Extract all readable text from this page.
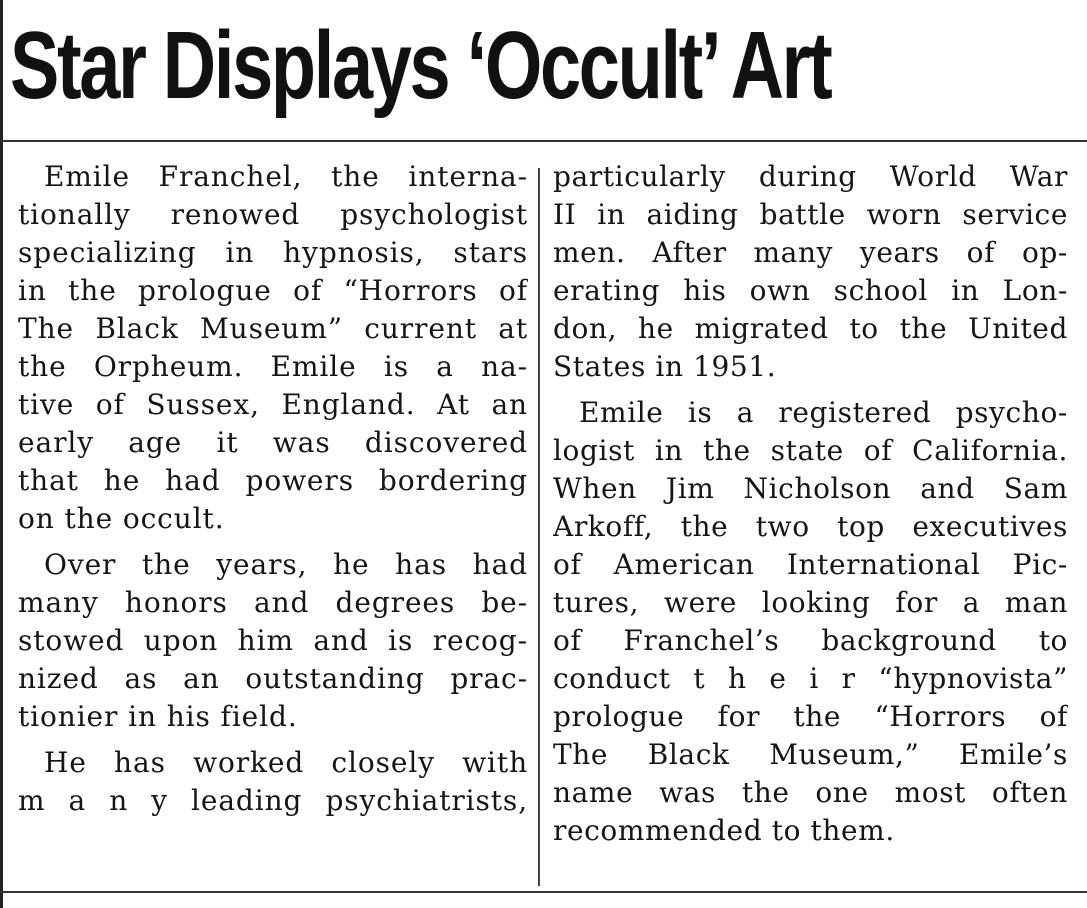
Star Displays ‘Occult’ Art
Emile Franchel, the interna-
tionally renowed psychologist
specializing in hypnosis, stars
in the prologue of “Horrors of
The Black Museum” current at
the Orpheum. Emile is a na-
tive of Sussex, England. At an
early age it was discovered
that he had powers bordering
on the occult.
Over the years, he has had
many honors and degrees be-
stowed upon him and is recog-
nized as an outstanding prac-
tionier in his field.
He has worked closely with
m a n y leading psychiatrists,
particularly during World War
II in aiding battle worn service
men. After many years of op-
erating his own school in Lon-
don, he migrated to the United
States in 1951.
Emile is a registered psycho-
logist in the state of California.
When Jim Nicholson and Sam
Arkoff, the two top executives
of American International Pic-
tures, were looking for a man
of Franchel’s background to
conduct t h e i r “hypnovista”
prologue for the “Horrors of
The Black Museum,” Emile’s
name was the one most often
recommended to them.
